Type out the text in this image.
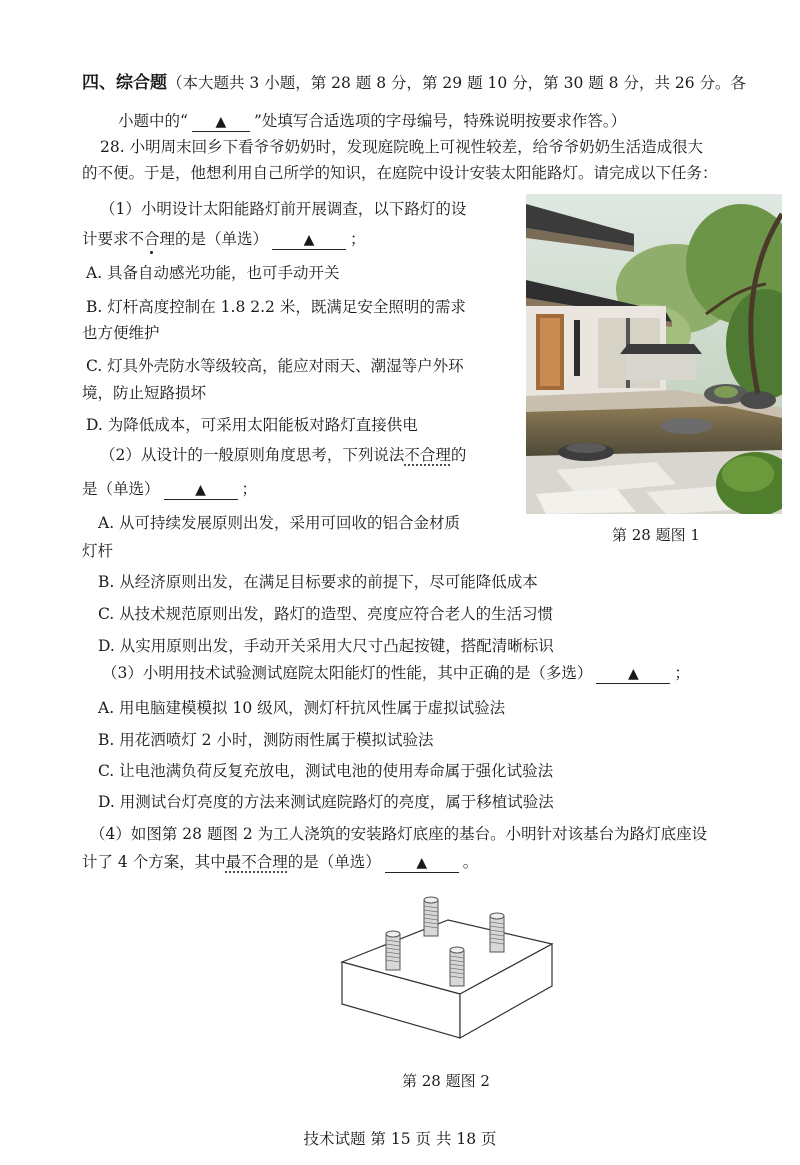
四、综合题（本大题共 3 小题，第 28 题 8 分，第 29 题 10 分，第 30 题 8 分，共 26 分。各
小题中的“ ▲ ”处填写合适选项的字母编号，特殊说明按要求作答。）
28. 小明周末回乡下看爷爷奶奶时，发现庭院晚上可视性较差，给爷爷奶奶生活造成很大
的不便。于是，他想利用自己所学的知识，在庭院中设计安装太阳能路灯。请完成以下任务：
（1）小明设计太阳能路灯前开展调查，以下路灯的设
计要求不合理的是（单选）	▲ ；
A. 具备自动感光功能，也可手动开关
B. 灯杆高度控制在 1.8 2.2 米，既满足安全照明的需求
也方便维护
C. 灯具外壳防水等级较高，能应对雨天、潮湿等户外环
境，防止短路损坏
D. 为降低成本，可采用太阳能板对路灯直接供电
（2）从设计的一般原则角度思考，下列说法不合理的
是（单选）	▲ ；
A. 从可持续发展原则出发，采用可回收的铝合金材质
灯杆
B. 从经济原则出发，在满足目标要求的前提下，尽可能降低成本
C. 从技术规范原则出发，路灯的造型、亮度应符合老人的生活习惯
D. 从实用原则出发，手动开关采用大尺寸凸起按键，搭配清晰标识
（3）小明用技术试验测试庭院太阳能灯的性能，其中正确的是（多选）	▲ ；
A. 用电脑建模模拟 10 级风，测灯杆抗风性属于虚拟试验法
B. 用花洒喷灯 2 小时，测防雨性属于模拟试验法
C. 让电池满负荷反复充放电，测试电池的使用寿命属于强化试验法
D. 用测试台灯亮度的方法来测试庭院路灯的亮度，属于移植试验法
（4）如图第 28 题图 2 为工人浇筑的安装路灯底座的基台。小明针对该基台为路灯底座设
计了 4 个方案，其中最不合理的是（单选）	▲ 。
第 28 题图 1
第 28 题图 2
技术试题 第 15 页 共 18 页
